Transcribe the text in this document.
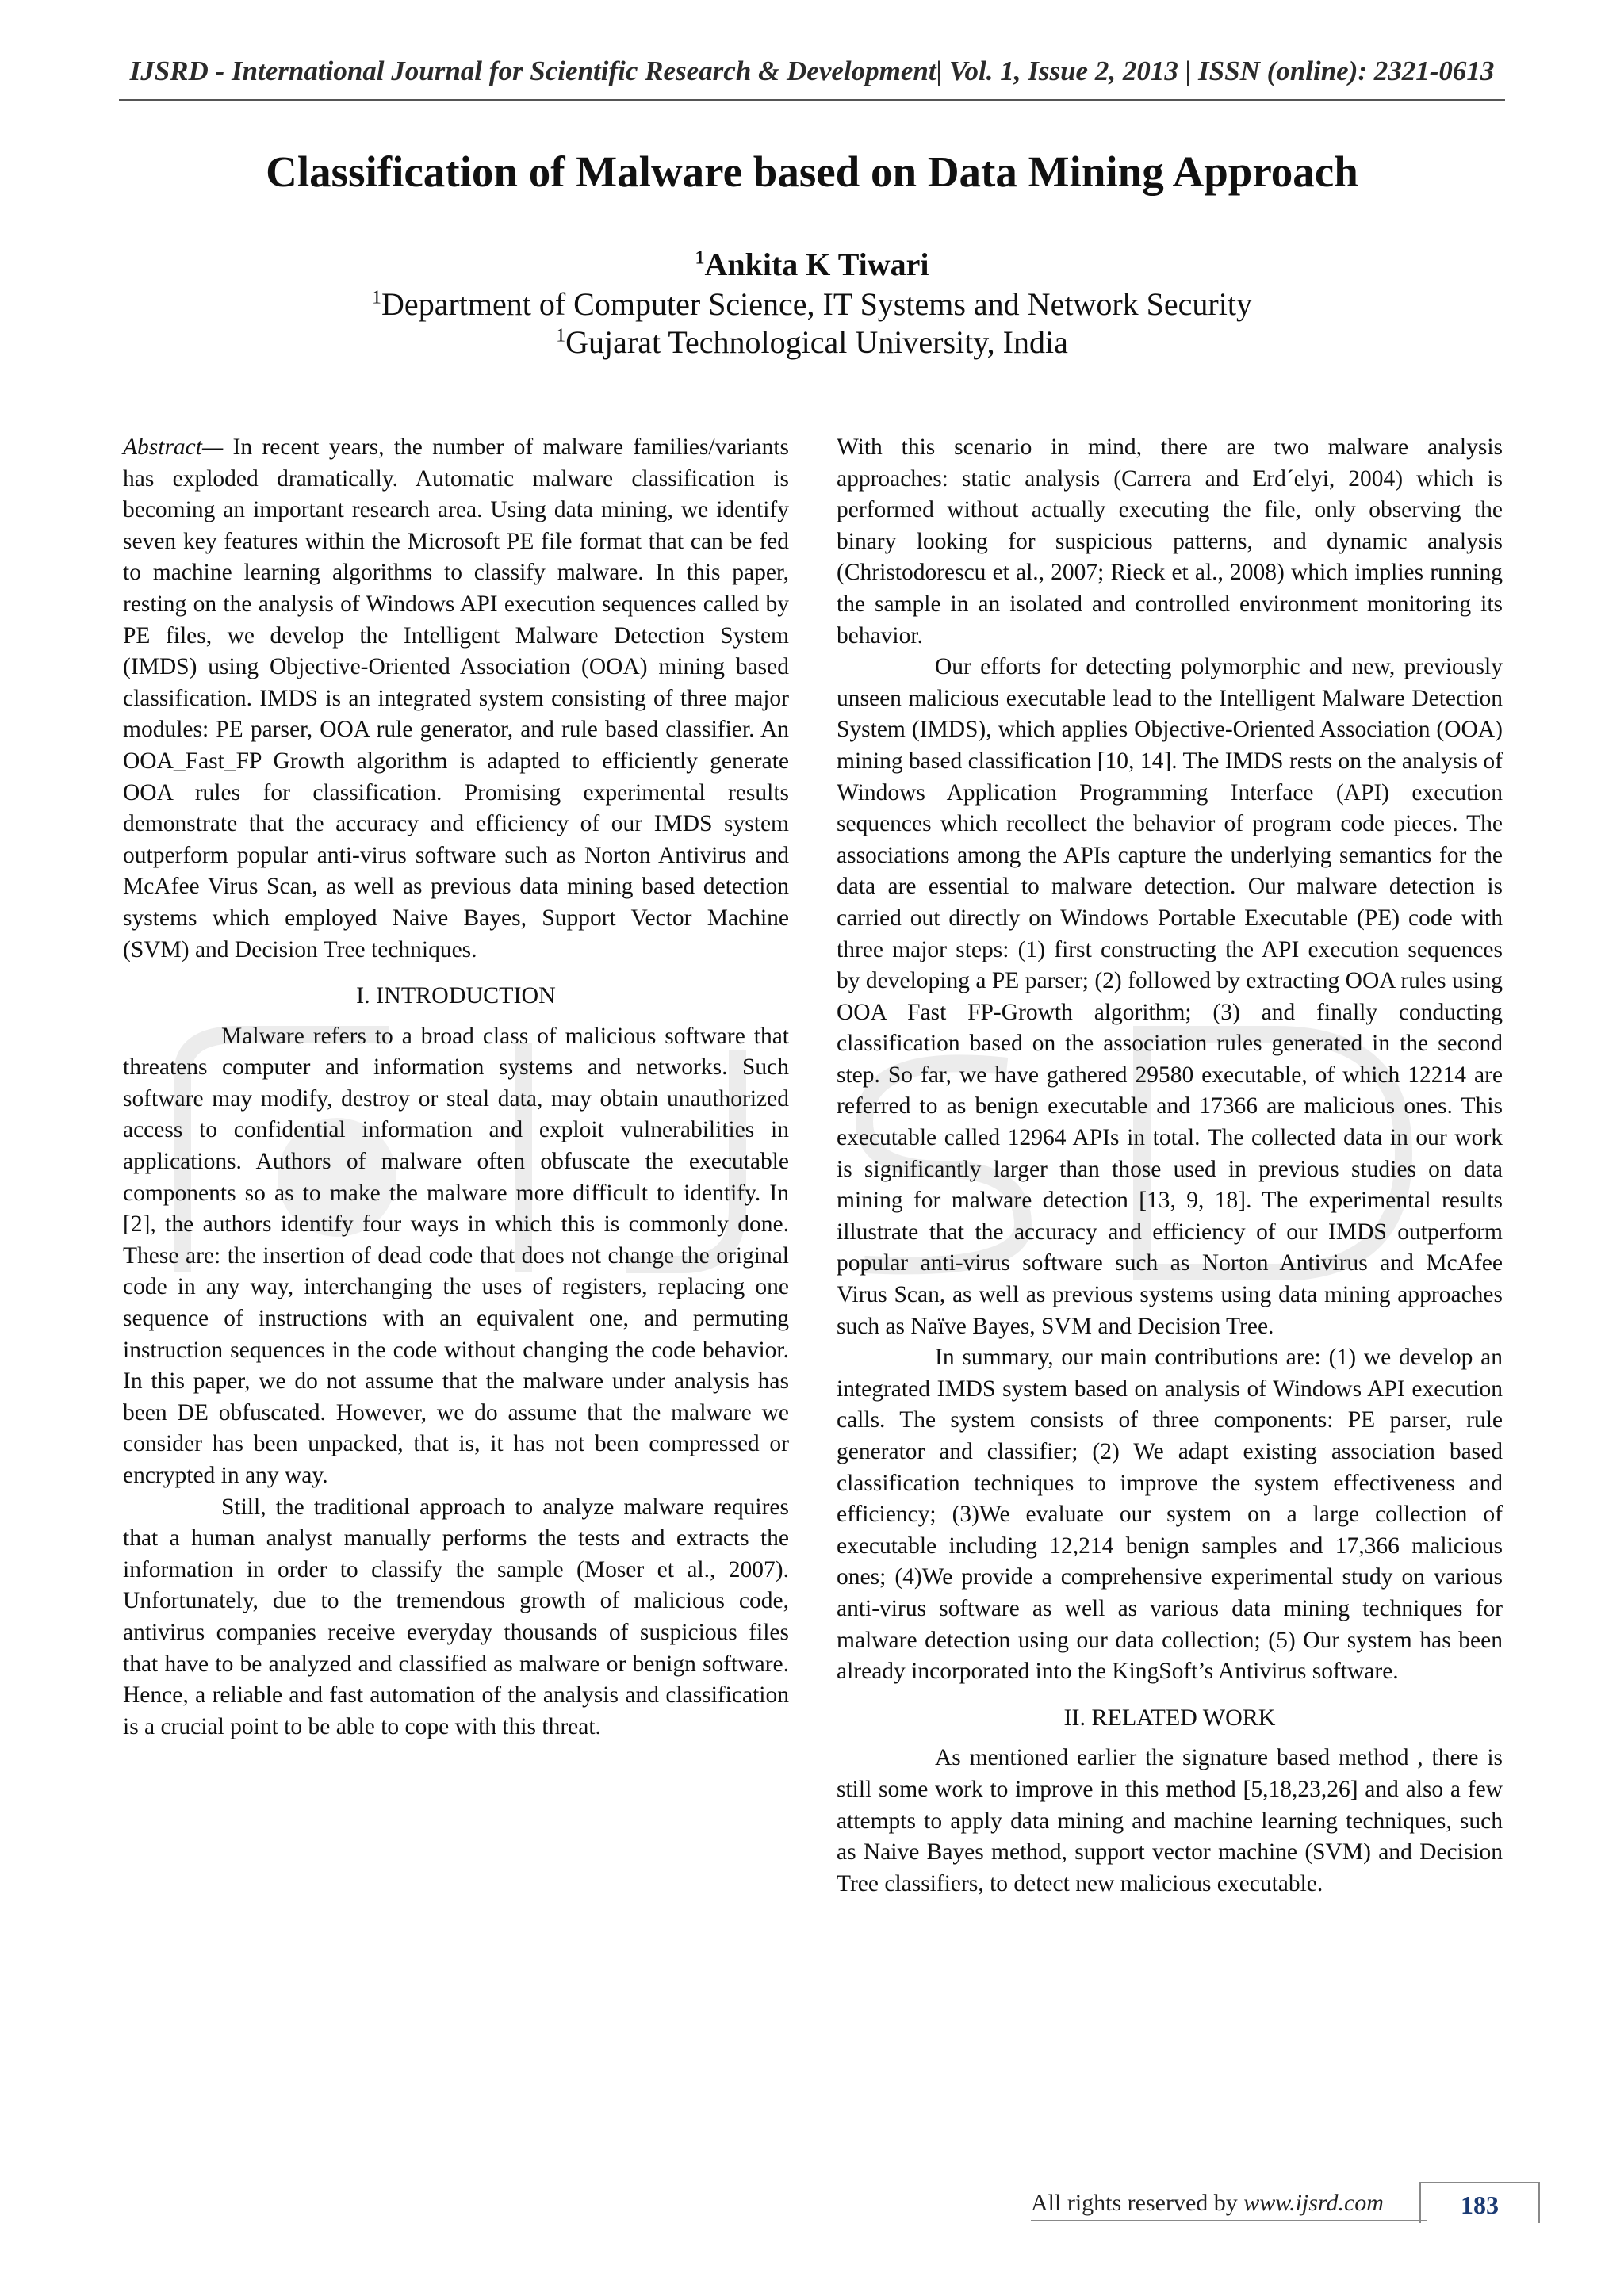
IJSRD - International Journal for Scientific Research & Development| Vol. 1, Issue 2, 2013 | ISSN (online): 2321-0613
Classification of Malware based on Data Mining Approach
$^1$Ankita K Tiwari
$^1$Department of Computer Science, IT Systems and Network Security
$^1$Gujarat Technological University, India

Abstract— In recent years, the number of malware families/variants has exploded dramatically. Automatic malware classification is becoming an important research area. Using data mining, we identify seven key features within the Microsoft PE file format that can be fed to machine learning algorithms to classify malware. In this paper, resting on the analysis of Windows API execution sequences called by PE files, we develop the Intelligent Malware Detection System (IMDS) using Objective-Oriented Association (OOA) mining based classification. IMDS is an integrated system consisting of three major modules: PE parser, OOA rule generator, and rule based classifier. An OOA_Fast_FP Growth algorithm is adapted to efficiently generate OOA rules for classification. Promising experimental results demonstrate that the accuracy and efficiency of our IMDS system outperform popular anti-virus software such as Norton Antivirus and McAfee Virus Scan, as well as previous data mining based detection systems which employed Naive Bayes, Support Vector Machine (SVM) and Decision Tree techniques.

I. INTRODUCTION

Malware refers to a broad class of malicious software that threatens computer and information systems and networks. Such software may modify, destroy or steal data, may obtain unauthorized access to confidential information and exploit vulnerabilities in applications. Authors of malware often obfuscate the executable components so as to make the malware more difficult to identify. In [2], the authors identify four ways in which this is commonly done. These are: the insertion of dead code that does not change the original code in any way, interchanging the uses of registers, replacing one sequence of instructions with an equivalent one, and permuting instruction sequences in the code without changing the code behavior. In this paper, we do not assume that the malware under analysis has been DE obfuscated. However, we do assume that the malware we consider has been unpacked, that is, it has not been compressed or encrypted in any way.

Still, the traditional approach to analyze malware requires that a human analyst manually performs the tests and extracts the information in order to classify the sample (Moser et al., 2007). Unfortunately, due to the tremendous growth of malicious code, antivirus companies receive everyday thousands of suspicious files that have to be analyzed and classified as malware or benign software. Hence, a reliable and fast automation of the analysis and classification is a crucial point to be able to cope with this threat.

With this scenario in mind, there are two malware analysis approaches: static analysis (Carrera and Erd´elyi, 2004) which is performed without actually executing the file, only observing the binary looking for suspicious patterns, and dynamic analysis (Christodorescu et al., 2007; Rieck et al., 2008) which implies running the sample in an isolated and controlled environment monitoring its behavior.

Our efforts for detecting polymorphic and new, previously unseen malicious executable lead to the Intelligent Malware Detection System (IMDS), which applies Objective-Oriented Association (OOA) mining based classification [10, 14]. The IMDS rests on the analysis of Windows Application Programming Interface (API) execution sequences which recollect the behavior of program code pieces. The associations among the APIs capture the underlying semantics for the data are essential to malware detection. Our malware detection is carried out directly on Windows Portable Executable (PE) code with three major steps: (1) first constructing the API execution sequences by developing a PE parser; (2) followed by extracting OOA rules using OOA Fast FP-Growth algorithm; (3) and finally conducting classification based on the association rules generated in the second step. So far, we have gathered 29580 executable, of which 12214 are referred to as benign executable and 17366 are malicious ones. This executable called 12964 APIs in total. The collected data in our work is significantly larger than those used in previous studies on data mining for malware detection [13, 9, 18]. The experimental results illustrate that the accuracy and efficiency of our IMDS outperform popular anti-virus software such as Norton Antivirus and McAfee Virus Scan, as well as previous systems using data mining approaches such as Naïve Bayes, SVM and Decision Tree.

In summary, our main contributions are: (1) we develop an integrated IMDS system based on analysis of Windows API execution calls. The system consists of three components: PE parser, rule generator and classifier; (2) We adapt existing association based classification techniques to improve the system effectiveness and efficiency; (3)We evaluate our system on a large collection of executable including 12,214 benign samples and 17,366 malicious ones; (4)We provide a comprehensive experimental study on various anti-virus software as well as various data mining techniques for malware detection using our data collection; (5) Our system has been already incorporated into the KingSoft’s Antivirus software.

II. RELATED WORK

As mentioned earlier the signature based method , there is still some work to improve in this method [5,18,23,26] and also a few attempts to apply data mining and machine learning techniques, such as Naive Bayes method, support vector machine (SVM) and Decision Tree classifiers, to detect new malicious executable.

All rights reserved by www.ijsrd.com	183
